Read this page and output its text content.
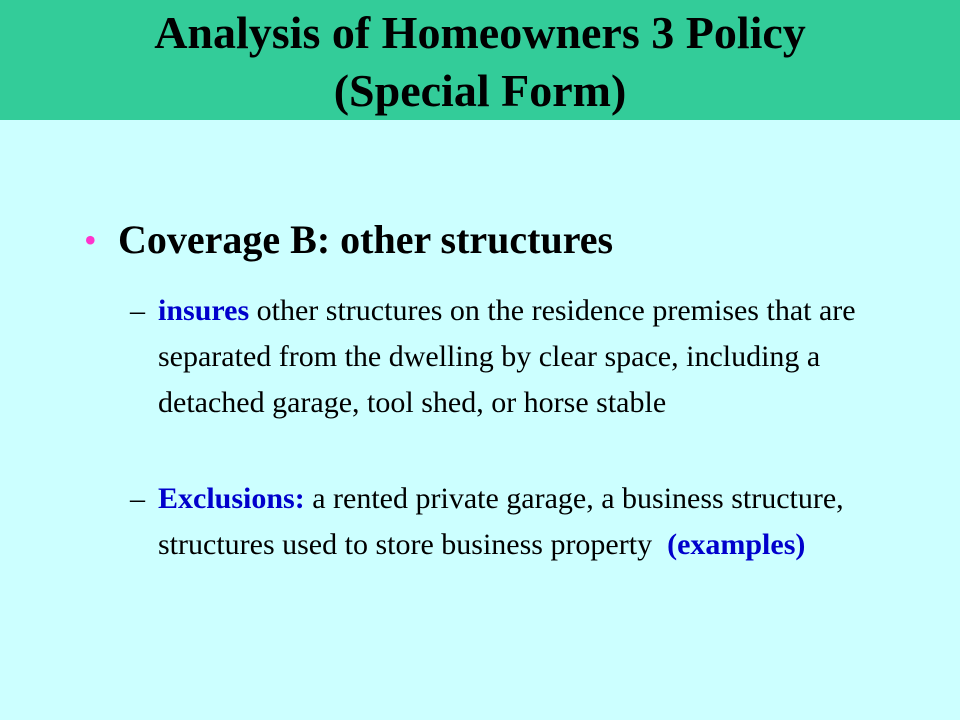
Analysis of Homeowners 3 Policy
(Special Form)
• Coverage B: other structures
– insures other structures on the residence premises that are separated from the dwelling by clear space, including a detached garage, tool shed, or horse stable
– Exclusions: a rented private garage, a business structure, structures used to store business property  (examples)
